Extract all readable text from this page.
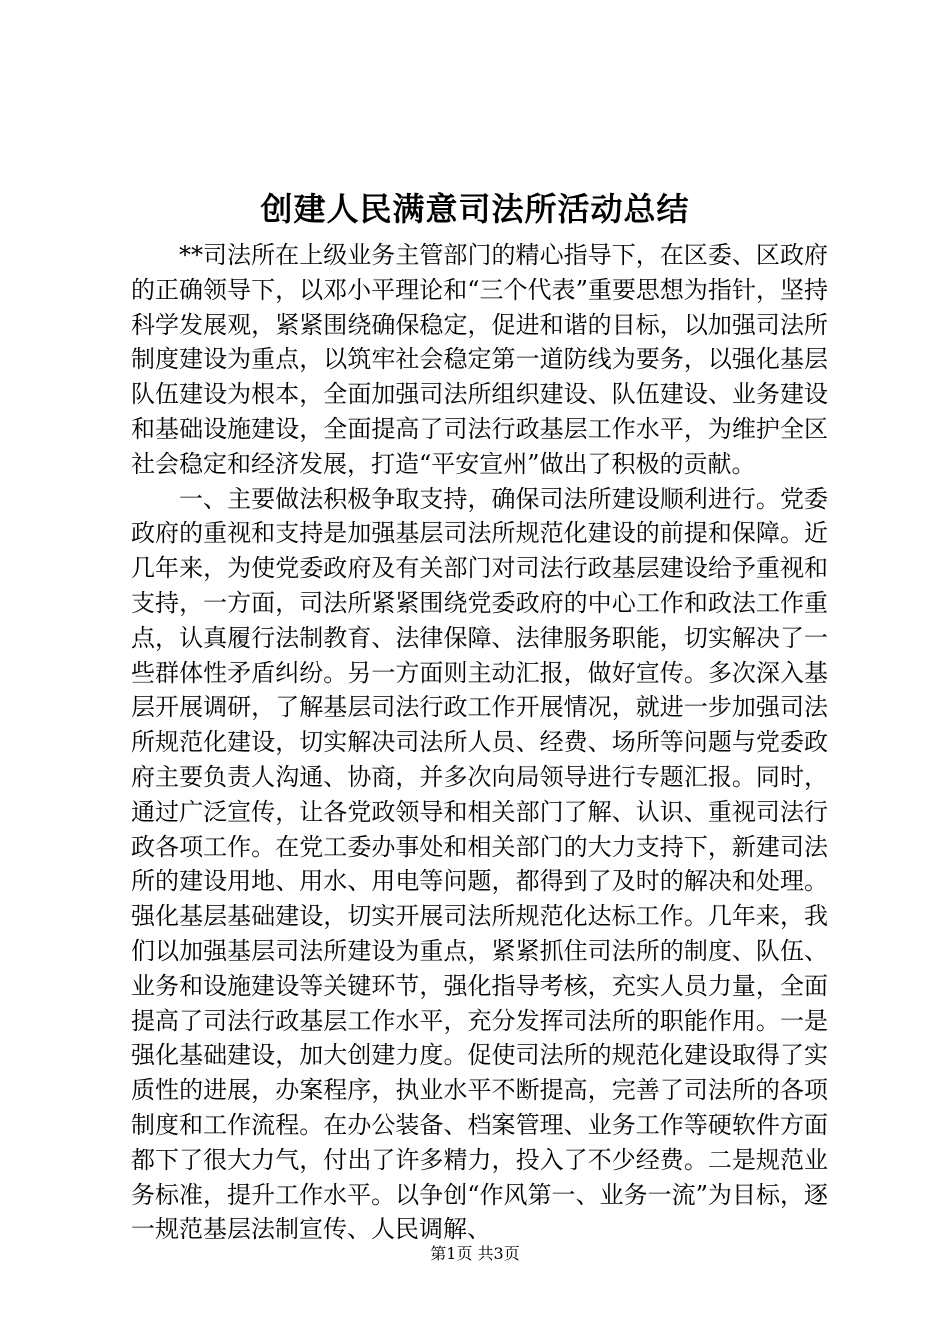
创建人民满意司法所活动总结

**司法所在上级业务主管部门的精心指导下，在区委、区政府的正确领导下，以邓小平理论和“三个代表”重要思想为指针，坚持科学发展观，紧紧围绕确保稳定，促进和谐的目标，以加强司法所制度建设为重点，以筑牢社会稳定第一道防线为要务，以强化基层队伍建设为根本，全面加强司法所组织建设、队伍建设、业务建设和基础设施建设，全面提高了司法行政基层工作水平，为维护全区社会稳定和经济发展，打造“平安宣州”做出了积极的贡献。

一、主要做法积极争取支持，确保司法所建设顺利进行。党委政府的重视和支持是加强基层司法所规范化建设的前提和保障。近几年来，为使党委政府及有关部门对司法行政基层建设给予重视和支持，一方面，司法所紧紧围绕党委政府的中心工作和政法工作重点，认真履行法制教育、法律保障、法律服务职能，切实解决了一些群体性矛盾纠纷。另一方面则主动汇报，做好宣传。多次深入基层开展调研，了解基层司法行政工作开展情况，就进一步加强司法所规范化建设，切实解决司法所人员、经费、场所等问题与党委政府主要负责人沟通、协商，并多次向局领导进行专题汇报。同时，通过广泛宣传，让各党政领导和相关部门了解、认识、重视司法行政各项工作。在党工委办事处和相关部门的大力支持下，新建司法所的建设用地、用水、用电等问题，都得到了及时的解决和处理。强化基层基础建设，切实开展司法所规范化达标工作。几年来，我们以加强基层司法所建设为重点，紧紧抓住司法所的制度、队伍、业务和设施建设等关键环节，强化指导考核，充实人员力量，全面提高了司法行政基层工作水平，充分发挥司法所的职能作用。一是强化基础建设，加大创建力度。促使司法所的规范化建设取得了实质性的进展，办案程序，执业水平不断提高，完善了司法所的各项制度和工作流程。在办公装备、档案管理、业务工作等硬软件方面都下了很大力气，付出了许多精力，投入了不少经费。二是规范业务标准，提升工作水平。以争创“作风第一、业务一流”为目标，逐一规范基层法制宣传、人民调解、

第1页 共3页
